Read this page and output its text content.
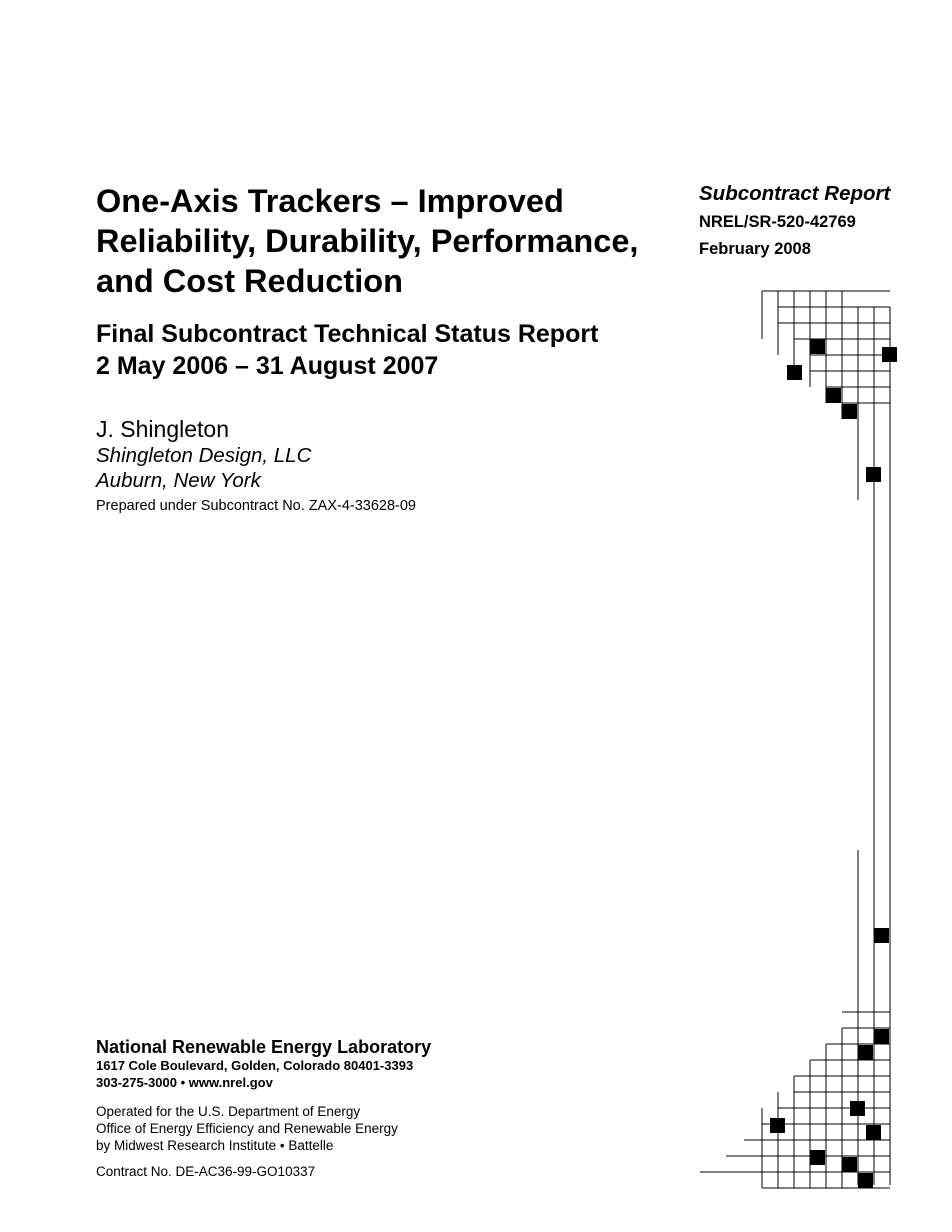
One-Axis Trackers – Improved
Reliability, Durability, Performance,
and Cost Reduction
Final Subcontract Technical Status Report
2 May 2006 – 31 August 2007
J. Shingleton
Shingleton Design, LLC
Auburn, New York
Prepared under Subcontract No. ZAX-4-33628-09
Subcontract Report
NREL/SR-520-42769
February 2008
National Renewable Energy Laboratory
1617 Cole Boulevard, Golden, Colorado 80401-3393
303-275-3000 • www.nrel.gov
Operated for the U.S. Department of Energy
Office of Energy Efficiency and Renewable Energy
by Midwest Research Institute • Battelle
Contract No. DE-AC36-99-GO10337
